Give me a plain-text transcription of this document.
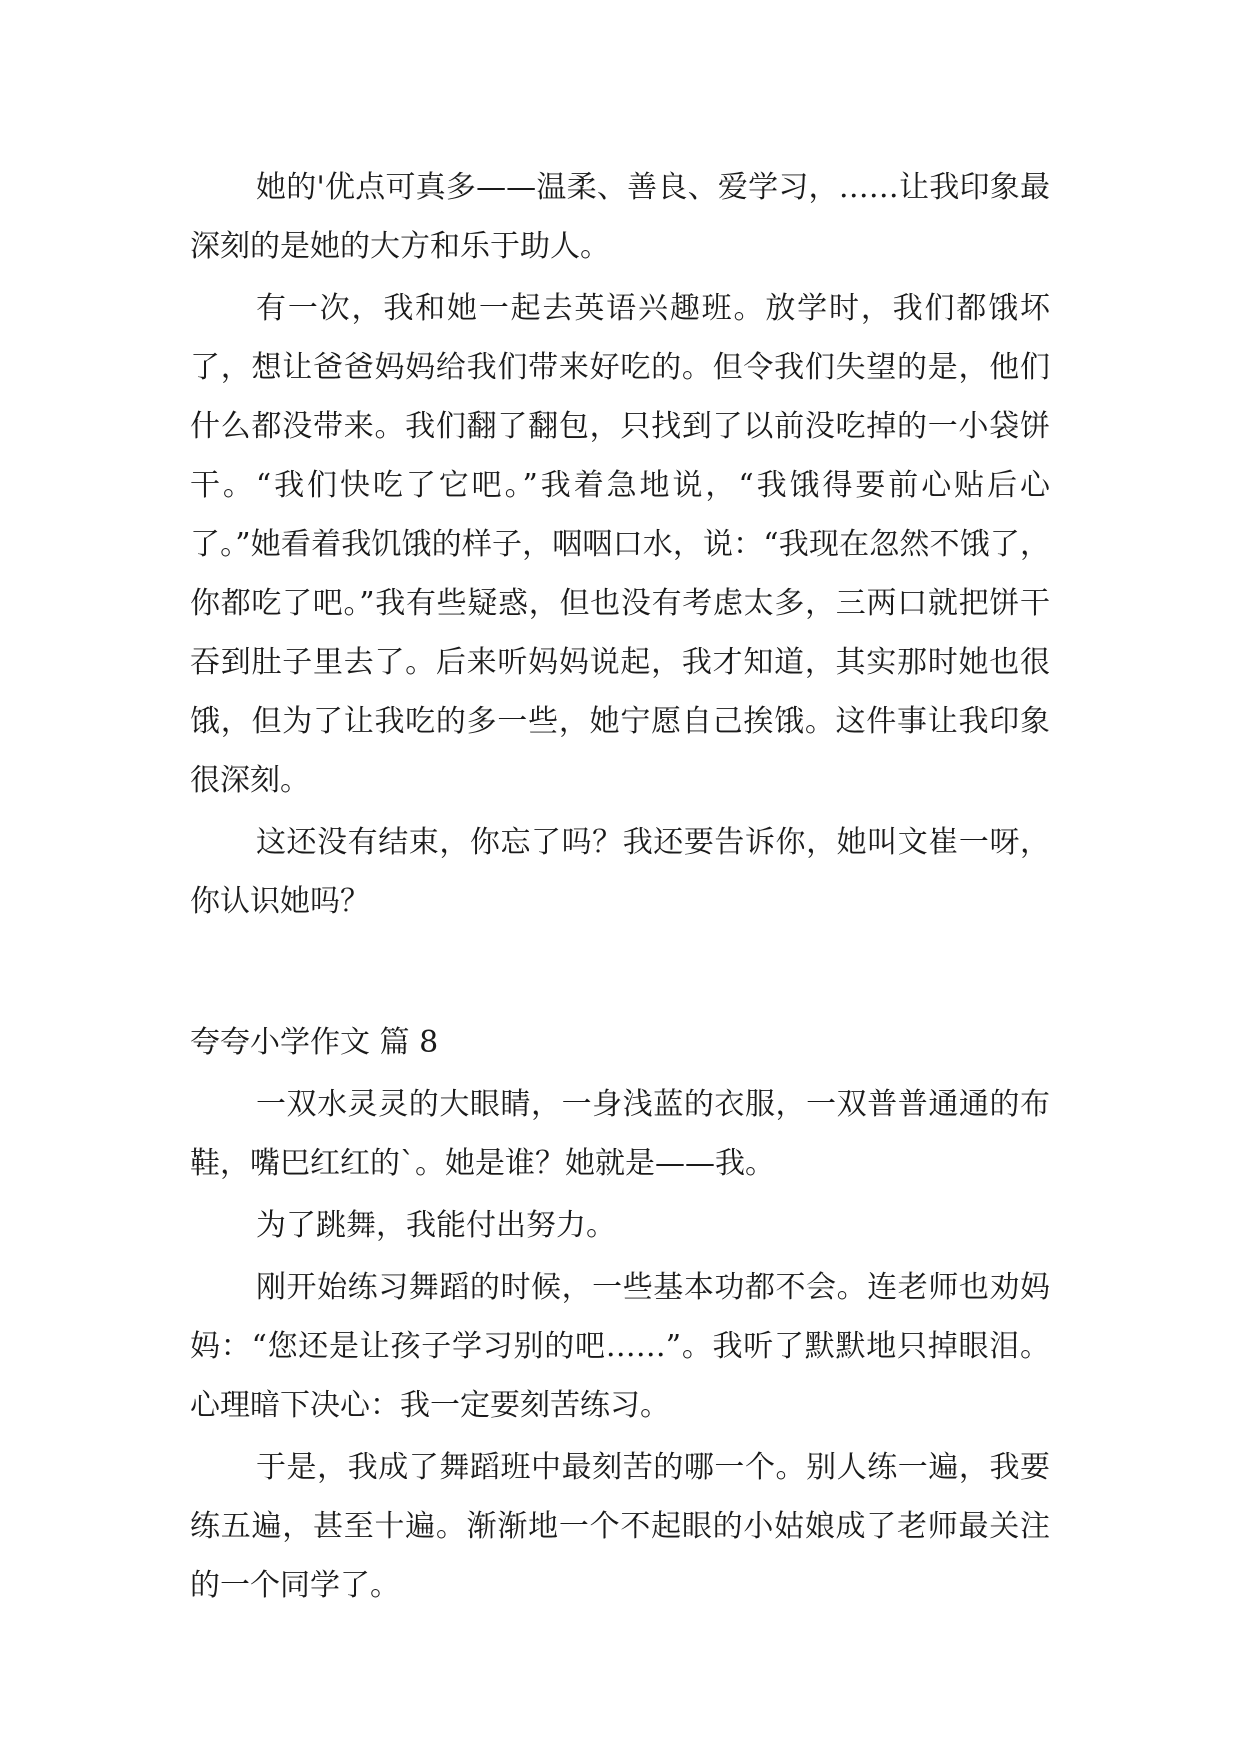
她的'优点可真多——温柔、善良、爱学习，……让我印象最深刻的是她的大方和乐于助人。

有一次，我和她一起去英语兴趣班。放学时，我们都饿坏了，想让爸爸妈妈给我们带来好吃的。但令我们失望的是，他们什么都没带来。我们翻了翻包，只找到了以前没吃掉的一小袋饼干。“我们快吃了它吧。”我着急地说，“我饿得要前心贴后心了。”她看着我饥饿的样子，咽咽口水，说：“我现在忽然不饿了，你都吃了吧。”我有些疑惑，但也没有考虑太多，三两口就把饼干吞到肚子里去了。后来听妈妈说起，我才知道，其实那时她也很饿，但为了让我吃的多一些，她宁愿自己挨饿。这件事让我印象很深刻。

这还没有结束，你忘了吗？我还要告诉你，她叫文崔一呀，你认识她吗？

夸夸小学作文 篇 8

一双水灵灵的大眼睛，一身浅蓝的衣服，一双普普通通的布鞋，嘴巴红红的`。她是谁？她就是——我。

为了跳舞，我能付出努力。

刚开始练习舞蹈的时候，一些基本功都不会。连老师也劝妈妈：“您还是让孩子学习别的吧……”。我听了默默地只掉眼泪。心理暗下决心：我一定要刻苦练习。

于是，我成了舞蹈班中最刻苦的哪一个。别人练一遍，我要练五遍，甚至十遍。渐渐地一个不起眼的小姑娘成了老师最关注的一个同学了。
